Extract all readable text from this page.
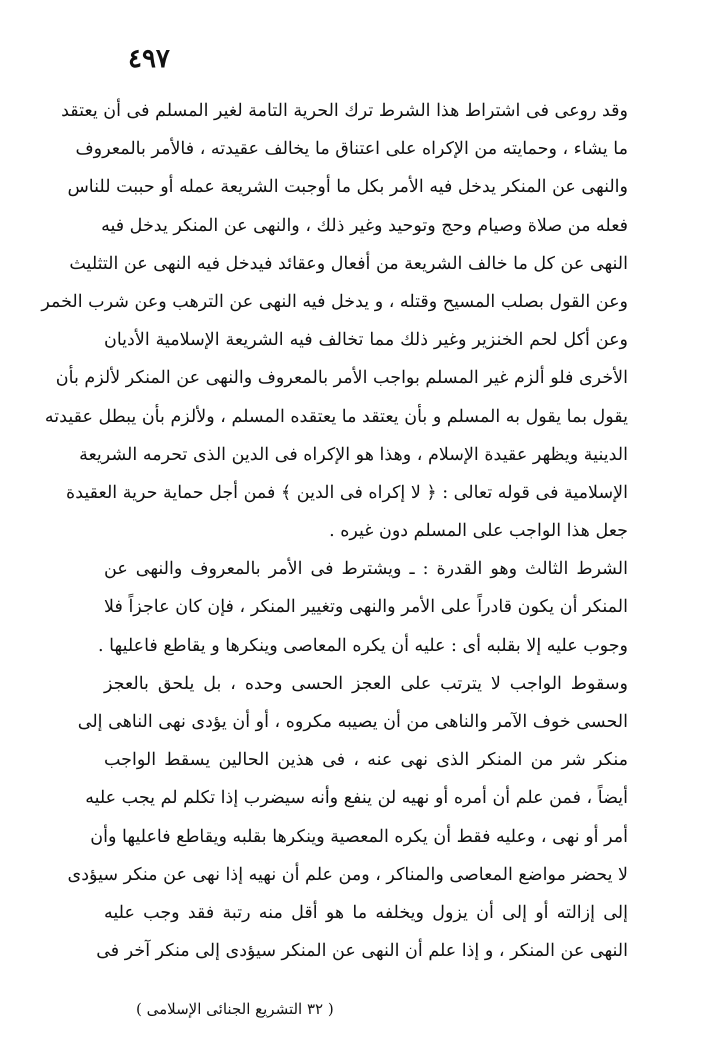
٤٩٧
وقد روعى فى اشتراط هذا الشرط ترك الحرية التامة لغير المسلم فى أن يعتقد
ما يشاء ، وحمايته من الإكراه على اعتناق ما يخالف عقيدته ، فالأمر بالمعروف
والنهى عن المنكر يدخل فيه الأمر بكل ما أوجبت الشريعة عمله أو حببت للناس
فعله من صلاة وصيام وحج وتوحيد وغير ذلك ، والنهى عن المنكر يدخل فيه
النهى عن كل ما خالف الشريعة من أفعال وعقائد فيدخل فيه النهى عن التثليث
وعن القول بصلب المسيح وقتله ، و يدخل فيه النهى عن الترهب وعن شرب الخمر
وعن أكل لحم الخنزير وغير ذلك مما تخالف فيه الشريعة الإسلامية الأديان
الأخرى فلو ألزم غير المسلم بواجب الأمر بالمعروف والنهى عن المنكر لألزم بأن
يقول بما يقول به المسلم و بأن يعتقد ما يعتقده المسلم ، ولألزم بأن يبطل عقيدته
الدينية ويظهر عقيدة الإسلام ، وهذا هو الإكراه فى الدين الذى تحرمه الشريعة
الإسلامية فى قوله تعالى : ﴿ لا إكراه فى الدين ﴾ فمن أجل حماية حرية العقيدة
جعل هذا الواجب على المسلم دون غيره .
الشرط الثالث وهو القدرة : ـ ويشترط فى الأمر بالمعروف والنهى عن
المنكر أن يكون قادراً على الأمر والنهى وتغيير المنكر ، فإن كان عاجزاً فلا
وجوب عليه إلا بقلبه أى : عليه أن يكره المعاصى وينكرها و يقاطع فاعليها .
وسقوط الواجب لا يترتب على العجز الحسى وحده ، بل يلحق بالعجز
الحسى خوف الآمر والناهى من أن يصيبه مكروه ، أو أن يؤدى نهى الناهى إلى
منكر شر من المنكر الذى نهى عنه ، فى هذين الحالين يسقط الواجب
أيضاً ، فمن علم أن أمره أو نهيه لن ينفع وأنه سيضرب إذا تكلم لم يجب عليه
أمر أو نهى ، وعليه فقط أن يكره المعصية وينكرها بقلبه ويقاطع فاعليها وأن
لا يحضر مواضع المعاصى والمناكر ، ومن علم أن نهيه إذا نهى عن منكر سيؤدى
إلى إزالته أو إلى أن يزول ويخلفه ما هو أقل منه رتبة فقد وجب عليه
النهى عن المنكر ، و إذا علم أن النهى عن المنكر سيؤدى إلى منكر آخر فى
( ٣٢ التشريع الجنائى الإسلامى )
